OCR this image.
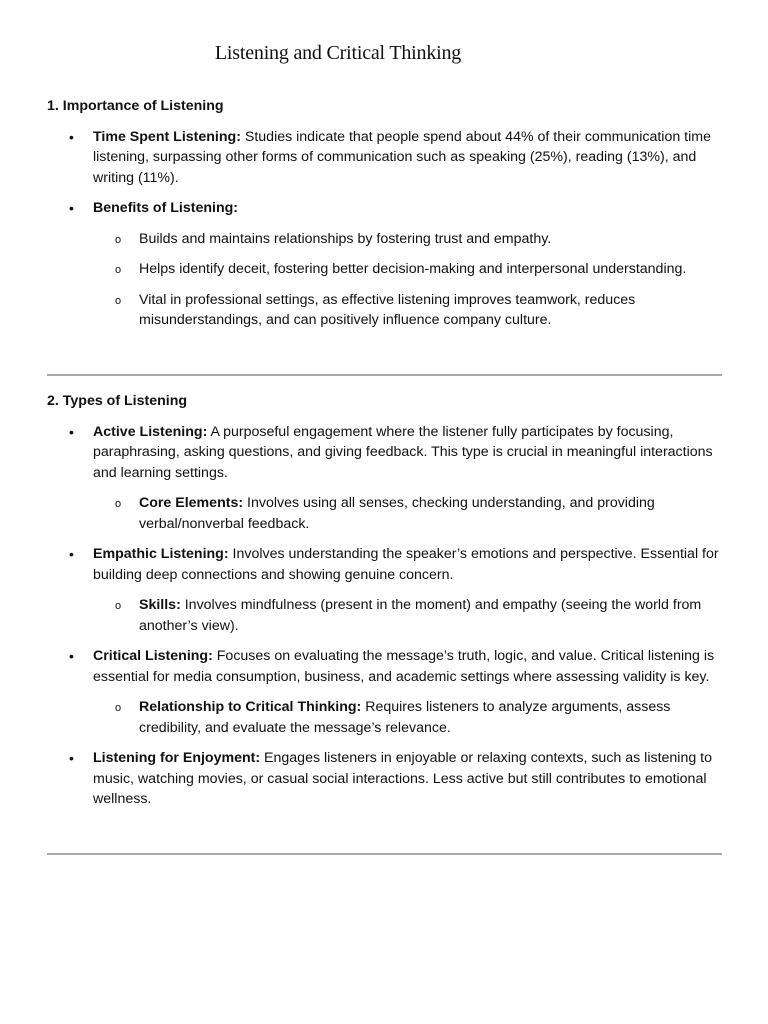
Listening and Critical Thinking
1. Importance of Listening
• Time Spent Listening: Studies indicate that people spend about 44% of their communication time listening, surpassing other forms of communication such as speaking (25%), reading (13%), and writing (11%).
• Benefits of Listening:
o Builds and maintains relationships by fostering trust and empathy.
o Helps identify deceit, fostering better decision-making and interpersonal understanding.
o Vital in professional settings, as effective listening improves teamwork, reduces misunderstandings, and can positively influence company culture.
2. Types of Listening
• Active Listening: A purposeful engagement where the listener fully participates by focusing, paraphrasing, asking questions, and giving feedback. This type is crucial in meaningful interactions and learning settings.
o Core Elements: Involves using all senses, checking understanding, and providing verbal/nonverbal feedback.
• Empathic Listening: Involves understanding the speaker’s emotions and perspective. Essential for building deep connections and showing genuine concern.
o Skills: Involves mindfulness (present in the moment) and empathy (seeing the world from another’s view).
• Critical Listening: Focuses on evaluating the message’s truth, logic, and value. Critical listening is essential for media consumption, business, and academic settings where assessing validity is key.
o Relationship to Critical Thinking: Requires listeners to analyze arguments, assess credibility, and evaluate the message’s relevance.
• Listening for Enjoyment: Engages listeners in enjoyable or relaxing contexts, such as listening to music, watching movies, or casual social interactions. Less active but still contributes to emotional wellness.
